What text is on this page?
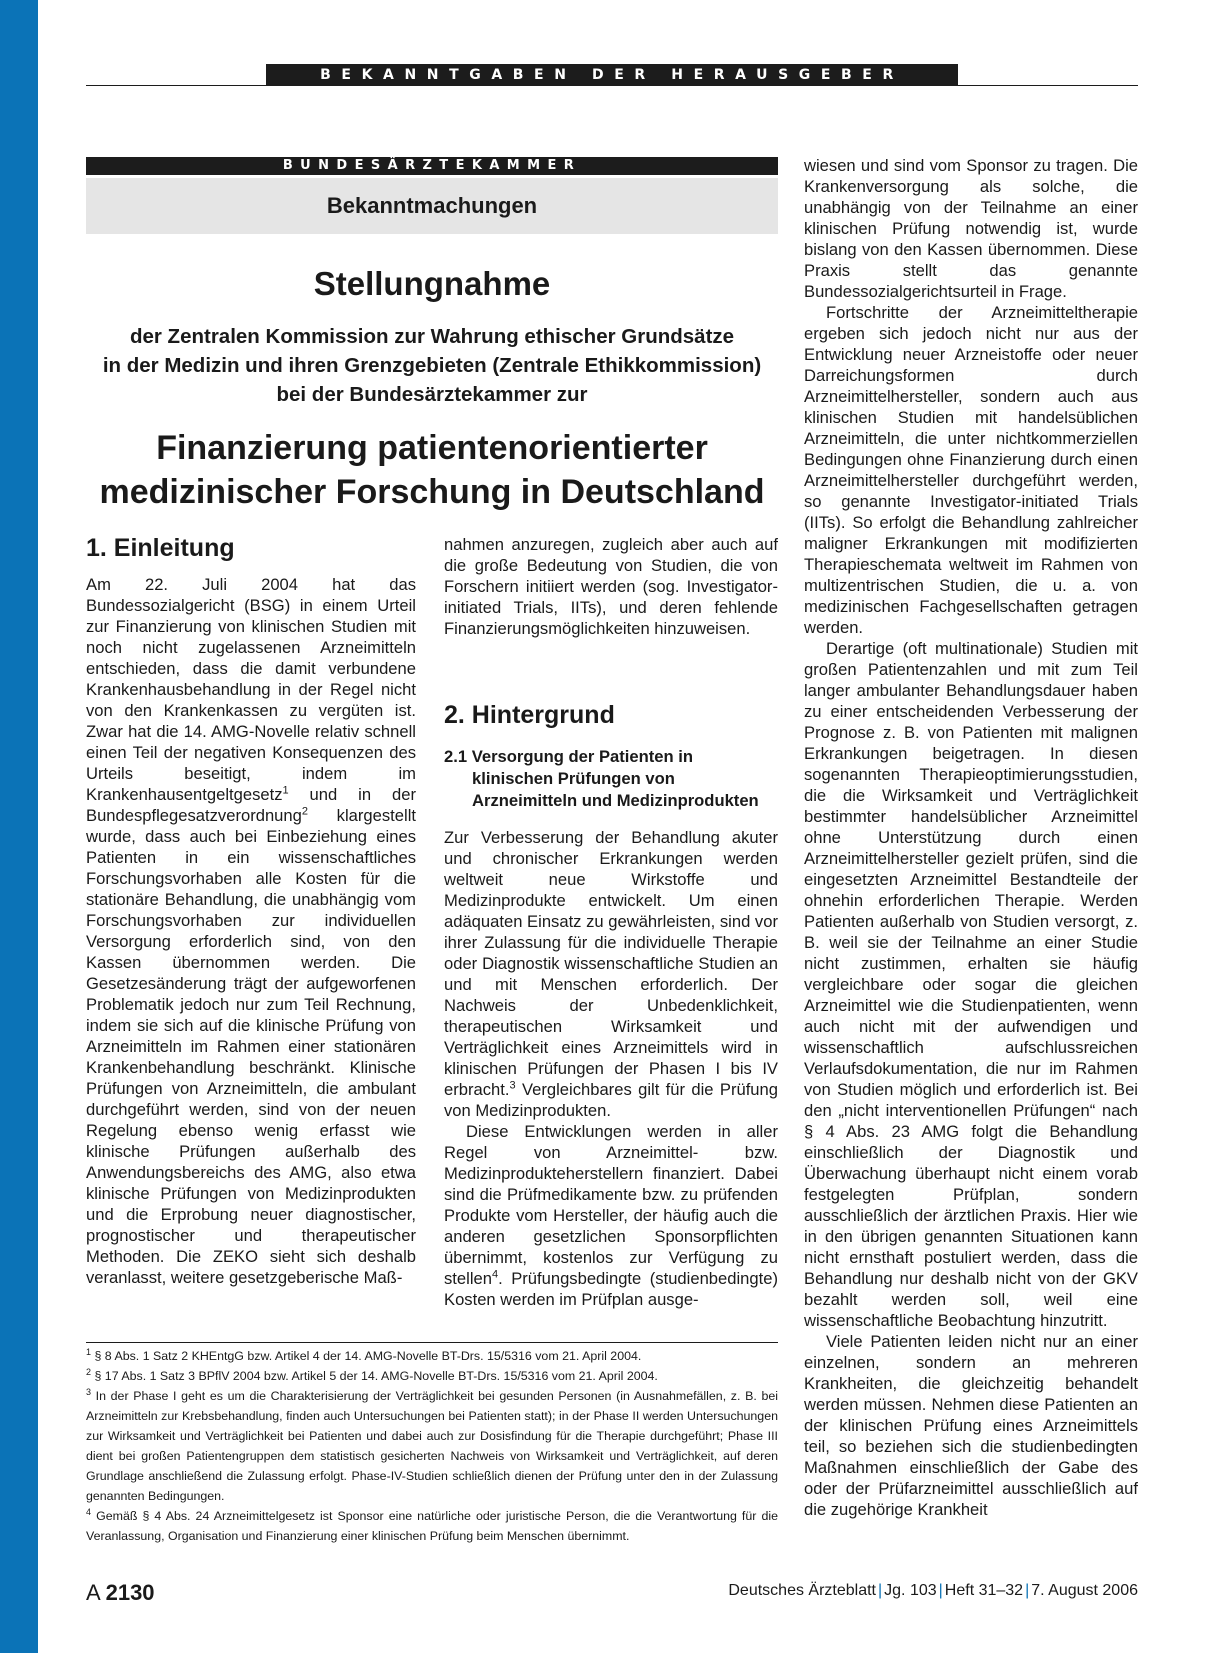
BEKANNTGABEN DER HERAUSGEBER
BUNDESÄRZTEKAMMER
Bekanntmachungen
Stellungnahme
der Zentralen Kommission zur Wahrung ethischer Grundsätze
in der Medizin und ihren Grenzgebieten (Zentrale Ethikkommission)
bei der Bundesärztekammer zur
Finanzierung patientenorientierter
medizinischer Forschung in Deutschland
1. Einleitung

Am 22. Juli 2004 hat das Bundessozialgericht (BSG) in einem Urteil zur Finanzierung von klinischen Studien mit noch nicht zugelassenen Arzneimitteln entschieden, dass die damit verbundene Krankenhausbehandlung in der Regel nicht von den Krankenkassen zu vergüten ist. Zwar hat die 14. AMG-Novelle relativ schnell einen Teil der negativen Konsequenzen des Urteils beseitigt, indem im Krankenhausentgeltgesetz$^1$ und in der Bundespflegesatzverordnung$^2$ klargestellt wurde, dass auch bei Einbeziehung eines Patienten in ein wissenschaftliches Forschungsvorhaben alle Kosten für die stationäre Behandlung, die unabhängig vom Forschungsvorhaben zur individuellen Versorgung erforderlich sind, von den Kassen übernommen werden. Die Gesetzesänderung trägt der aufgeworfenen Problematik jedoch nur zum Teil Rechnung, indem sie sich auf die klinische Prüfung von Arzneimitteln im Rahmen einer stationären Krankenbehandlung beschränkt. Klinische Prüfungen von Arzneimitteln, die ambulant durchgeführt werden, sind von der neuen Regelung ebenso wenig erfasst wie klinische Prüfungen außerhalb des Anwendungsbereichs des AMG, also etwa klinische Prüfungen von Medizinprodukten und die Erprobung neuer diagnostischer, prognostischer und therapeutischer Methoden. Die ZEKO sieht sich deshalb veranlasst, weitere gesetzgeberische Maß-

nahmen anzuregen, zugleich aber auch auf die große Bedeutung von Studien, die von Forschern initiiert werden (sog. Investigator-initiated Trials, IITs), und deren fehlende Finanzierungsmöglichkeiten hinzuweisen.

2. Hintergrund
2.1 Versorgung der Patienten in
klinischen Prüfungen von
Arzneimitteln und Medizinprodukten

Zur Verbesserung der Behandlung akuter und chronischer Erkrankungen werden weltweit neue Wirkstoffe und Medizinprodukte entwickelt. Um einen adäquaten Einsatz zu gewährleisten, sind vor ihrer Zulassung für die individuelle Therapie oder Diagnostik wissenschaftliche Studien an und mit Menschen erforderlich. Der Nachweis der Unbedenklichkeit, therapeutischen Wirksamkeit und Verträglichkeit eines Arzneimittels wird in klinischen Prüfungen der Phasen I bis IV erbracht.$^3$ Vergleichbares gilt für die Prüfung von Medizinprodukten.

Diese Entwicklungen werden in aller Regel von Arzneimittel- bzw. Medizinprodukteherstellern finanziert. Dabei sind die Prüfmedikamente bzw. zu prüfenden Produkte vom Hersteller, der häufig auch die anderen gesetzlichen Sponsorpflichten übernimmt, kostenlos zur Verfügung zu stellen$^4$. Prüfungsbedingte (studienbedingte) Kosten werden im Prüfplan ausge-

wiesen und sind vom Sponsor zu tragen. Die Krankenversorgung als solche, die unabhängig von der Teilnahme an einer klinischen Prüfung notwendig ist, wurde bislang von den Kassen übernommen. Diese Praxis stellt das genannte Bundessozialgerichtsurteil in Frage.

Fortschritte der Arzneimitteltherapie ergeben sich jedoch nicht nur aus der Entwicklung neuer Arzneistoffe oder neuer Darreichungsformen durch Arzneimittelhersteller, sondern auch aus klinischen Studien mit handelsüblichen Arzneimitteln, die unter nichtkommerziellen Bedingungen ohne Finanzierung durch einen Arzneimittelhersteller durchgeführt werden, so genannte Investigator-initiated Trials (IITs). So erfolgt die Behandlung zahlreicher maligner Erkrankungen mit modifizierten Therapieschemata weltweit im Rahmen von multizentrischen Studien, die u. a. von medizinischen Fachgesellschaften getragen werden.

Derartige (oft multinationale) Studien mit großen Patientenzahlen und mit zum Teil langer ambulanter Behandlungsdauer haben zu einer entscheidenden Verbesserung der Prognose z. B. von Patienten mit malignen Erkrankungen beigetragen. In diesen sogenannten Therapieoptimierungsstudien, die die Wirksamkeit und Verträglichkeit bestimmter handelsüblicher Arzneimittel ohne Unterstützung durch einen Arzneimittelhersteller gezielt prüfen, sind die eingesetzten Arzneimittel Bestandteile der ohnehin erforderlichen Therapie. Werden Patienten außerhalb von Studien versorgt, z. B. weil sie der Teilnahme an einer Studie nicht zustimmen, erhalten sie häufig vergleichbare oder sogar die gleichen Arzneimittel wie die Studienpatienten, wenn auch nicht mit der aufwendigen und wissenschaftlich aufschlussreichen Verlaufsdokumentation, die nur im Rahmen von Studien möglich und erforderlich ist. Bei den „nicht interventionellen Prüfungen“ nach § 4 Abs. 23 AMG folgt die Behandlung einschließlich der Diagnostik und Überwachung überhaupt nicht einem vorab festgelegten Prüfplan, sondern ausschließlich der ärztlichen Praxis. Hier wie in den übrigen genannten Situationen kann nicht ernsthaft postuliert werden, dass die Behandlung nur deshalb nicht von der GKV bezahlt werden soll, weil eine wissenschaftliche Beobachtung hinzutritt.

Viele Patienten leiden nicht nur an einer einzelnen, sondern an mehreren Krankheiten, die gleichzeitig behandelt werden müssen. Nehmen diese Patienten an der klinischen Prüfung eines Arzneimittels teil, so beziehen sich die studienbedingten Maßnahmen einschließlich der Gabe des oder der Prüfarzneimittel ausschließlich auf die zugehörige Krankheit

$^1$ § 8 Abs. 1 Satz 2 KHEntgG bzw. Artikel 4 der 14. AMG-Novelle BT-Drs. 15/5316 vom 21. April 2004.

$^2$ § 17 Abs. 1 Satz 3 BPflV 2004 bzw. Artikel 5 der 14. AMG-Novelle BT-Drs. 15/5316 vom 21. April 2004.

$^3$ In der Phase I geht es um die Charakterisierung der Verträglichkeit bei gesunden Personen (in Ausnahmefällen, z. B. bei Arzneimitteln zur Krebsbehandlung, finden auch Untersuchungen bei Patienten statt); in der Phase II werden Untersuchungen zur Wirksamkeit und Verträglichkeit bei Patienten und dabei auch zur Dosisfindung für die Therapie durchgeführt; Phase III dient bei großen Patientengruppen dem statistisch gesicherten Nachweis von Wirksamkeit und Verträglichkeit, auf deren Grundlage anschließend die Zulassung erfolgt. Phase-IV-Studien schließlich dienen der Prüfung unter den in der Zulassung genannten Bedingungen.

$^4$ Gemäß § 4 Abs. 24 Arzneimittelgesetz ist Sponsor eine natürliche oder juristische Person, die die Verantwortung für die Veranlassung, Organisation und Finanzierung einer klinischen Prüfung beim Menschen übernimmt.

A 2130	Deutsches Ärzteblatt | Jg. 103 | Heft 31–32 | 7. August 2006
